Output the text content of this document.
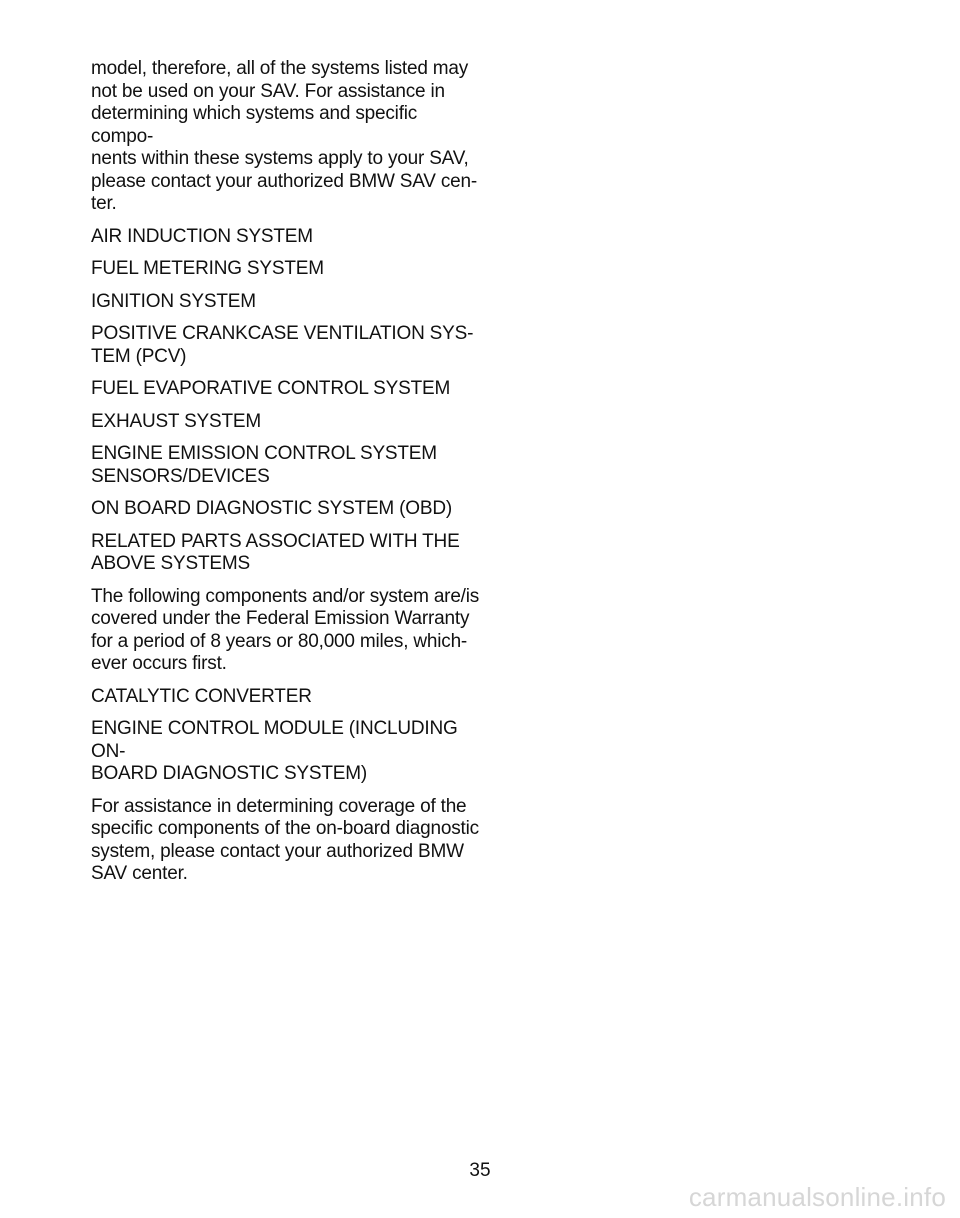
model, therefore, all of the systems listed may
not be used on your SAV. For assistance in
determining which systems and specific compo-
nents within these systems apply to your SAV,
please contact your authorized BMW SAV cen-
ter.

AIR INDUCTION SYSTEM

FUEL METERING SYSTEM

IGNITION SYSTEM

POSITIVE CRANKCASE VENTILATION SYS-
TEM (PCV)

FUEL EVAPORATIVE CONTROL SYSTEM

EXHAUST SYSTEM

ENGINE EMISSION CONTROL SYSTEM
SENSORS/DEVICES

ON BOARD DIAGNOSTIC SYSTEM (OBD)

RELATED PARTS ASSOCIATED WITH THE
ABOVE SYSTEMS

The following components and/or system are/is
covered under the Federal Emission Warranty
for a period of 8 years or 80,000 miles, which-
ever occurs first.

CATALYTIC CONVERTER

ENGINE CONTROL MODULE (INCLUDING ON-
BOARD DIAGNOSTIC SYSTEM)

For assistance in determining coverage of the
specific components of the on-board diagnostic
system, please contact your authorized BMW
SAV center.

35
carmanualsonline.info
